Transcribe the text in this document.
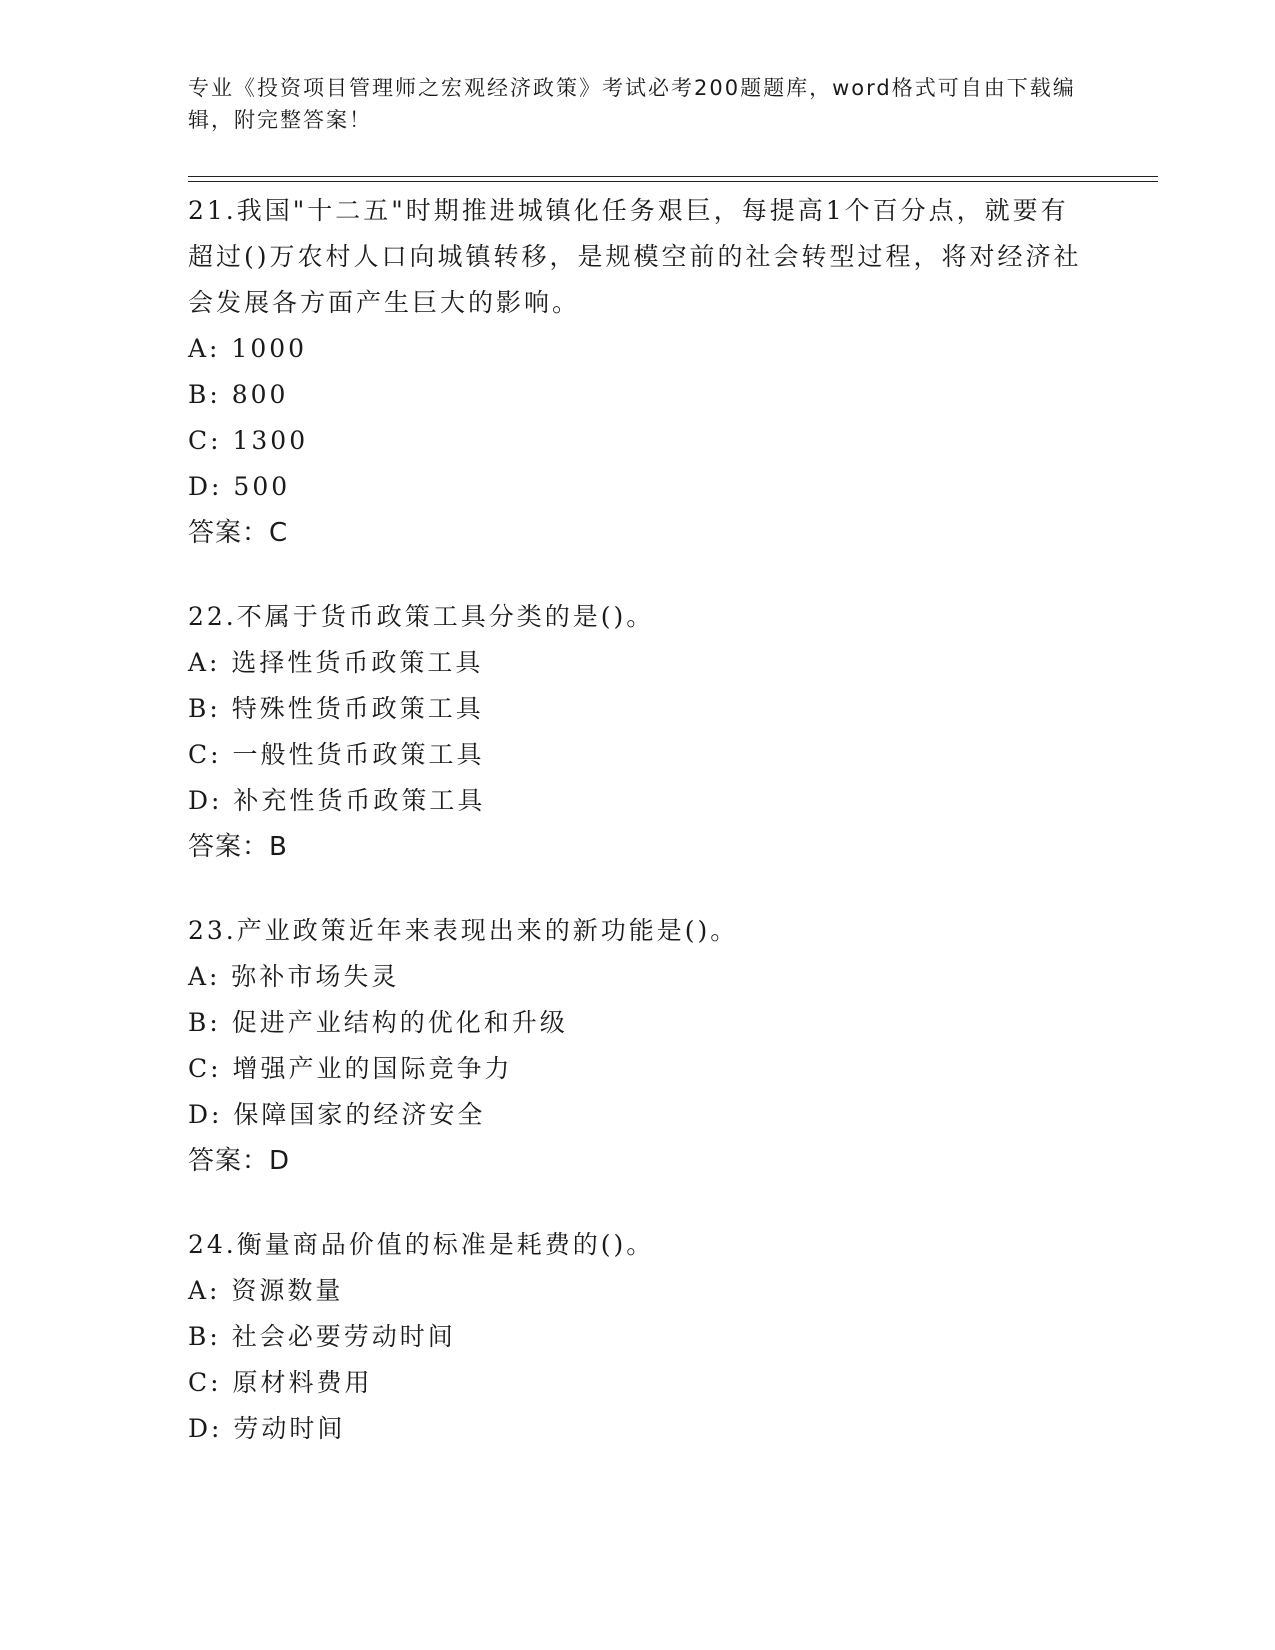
专业《投资项目管理师之宏观经济政策》考试必考200题题库，word格式可自由下载编辑，附完整答案！
21.我国"十二五"时期推进城镇化任务艰巨，每提高1个百分点，就要有超过()万农村人口向城镇转移，是规模空前的社会转型过程，将对经济社会发展各方面产生巨大的影响。
A: 1000
B: 800
C: 1300
D: 500
答案：C
22.不属于货币政策工具分类的是()。
A: 选择性货币政策工具
B: 特殊性货币政策工具
C: 一般性货币政策工具
D: 补充性货币政策工具
答案：B
23.产业政策近年来表现出来的新功能是()。
A: 弥补市场失灵
B: 促进产业结构的优化和升级
C: 增强产业的国际竞争力
D: 保障国家的经济安全
答案：D
24.衡量商品价值的标准是耗费的()。
A: 资源数量
B: 社会必要劳动时间
C: 原材料费用
D: 劳动时间
